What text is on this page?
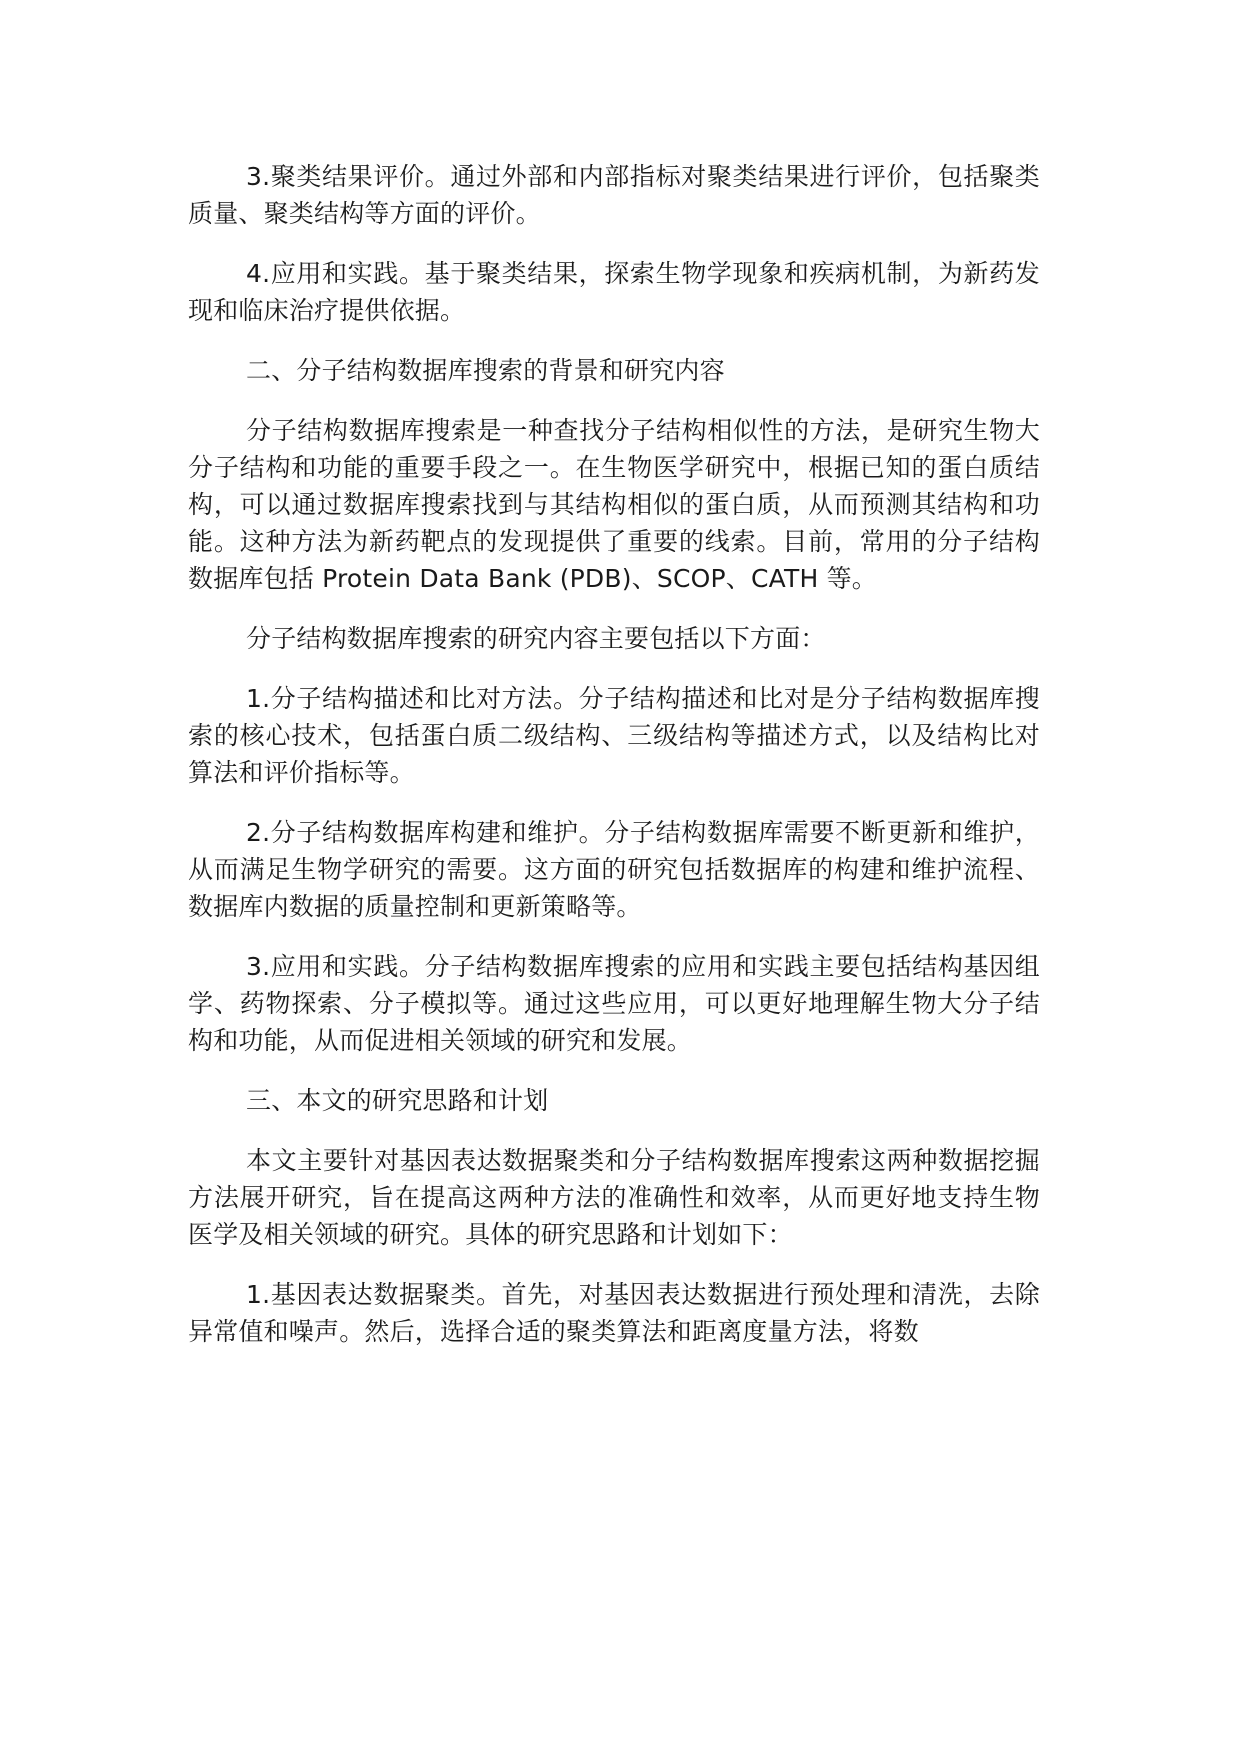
3.聚类结果评价。通过外部和内部指标对聚类结果进行评价，包括聚类质量、聚类结构等方面的评价。

4.应用和实践。基于聚类结果，探索生物学现象和疾病机制，为新药发现和临床治疗提供依据。

二、分子结构数据库搜索的背景和研究内容

分子结构数据库搜索是一种查找分子结构相似性的方法，是研究生物大分子结构和功能的重要手段之一。在生物医学研究中，根据已知的蛋白质结构，可以通过数据库搜索找到与其结构相似的蛋白质，从而预测其结构和功能。这种方法为新药靶点的发现提供了重要的线索。目前，常用的分子结构数据库包括 Protein Data Bank (PDB)、SCOP、CATH 等。

分子结构数据库搜索的研究内容主要包括以下方面：

1.分子结构描述和比对方法。分子结构描述和比对是分子结构数据库搜索的核心技术，包括蛋白质二级结构、三级结构等描述方式，以及结构比对算法和评价指标等。

2.分子结构数据库构建和维护。分子结构数据库需要不断更新和维护，从而满足生物学研究的需要。这方面的研究包括数据库的构建和维护流程、数据库内数据的质量控制和更新策略等。

3.应用和实践。分子结构数据库搜索的应用和实践主要包括结构基因组学、药物探索、分子模拟等。通过这些应用，可以更好地理解生物大分子结构和功能，从而促进相关领域的研究和发展。

三、本文的研究思路和计划

本文主要针对基因表达数据聚类和分子结构数据库搜索这两种数据挖掘方法展开研究，旨在提高这两种方法的准确性和效率，从而更好地支持生物医学及相关领域的研究。具体的研究思路和计划如下：

1.基因表达数据聚类。首先，对基因表达数据进行预处理和清洗，去除异常值和噪声。然后，选择合适的聚类算法和距离度量方法，将数
